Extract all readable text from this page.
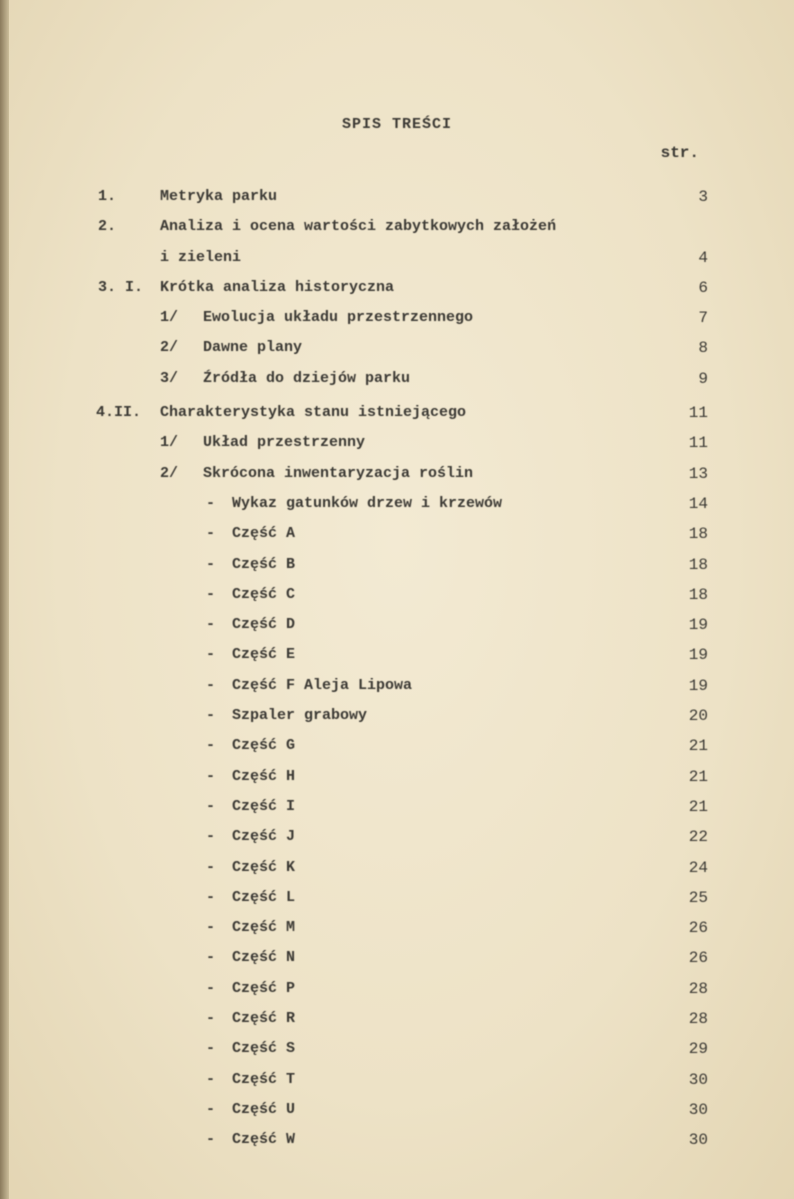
SPIS TREŚCI
str.
1.	Metryka parku	3
2.	Analiza i ocena wartości zabytkowych założeń
i zieleni	4
3. I. Krótka analiza historyczna	6
1/ Ewolucja układu przestrzennego	7
2/ Dawne plany	8
3/ Źródła do dziejów parku	9
4.II. Charakterystyka stanu istniejącego	11
1/ Układ przestrzenny	11
2/ Skrócona inwentaryzacja roślin	13
- Wykaz gatunków drzew i krzewów	14
- Część A	18
- Część B	18
- Część C	18
- Część D	19
- Część E	19
- Część F Aleja Lipowa	19
- Szpaler grabowy	20
- Część G	21
- Część H	21
- Część I	21
- Część J	22
- Część K	24
- Część L	25
- Część M	26
- Część N	26
- Część P	28
- Część R	28
- Część S	29
- Część T	30
- Część U	30
- Część W	30
